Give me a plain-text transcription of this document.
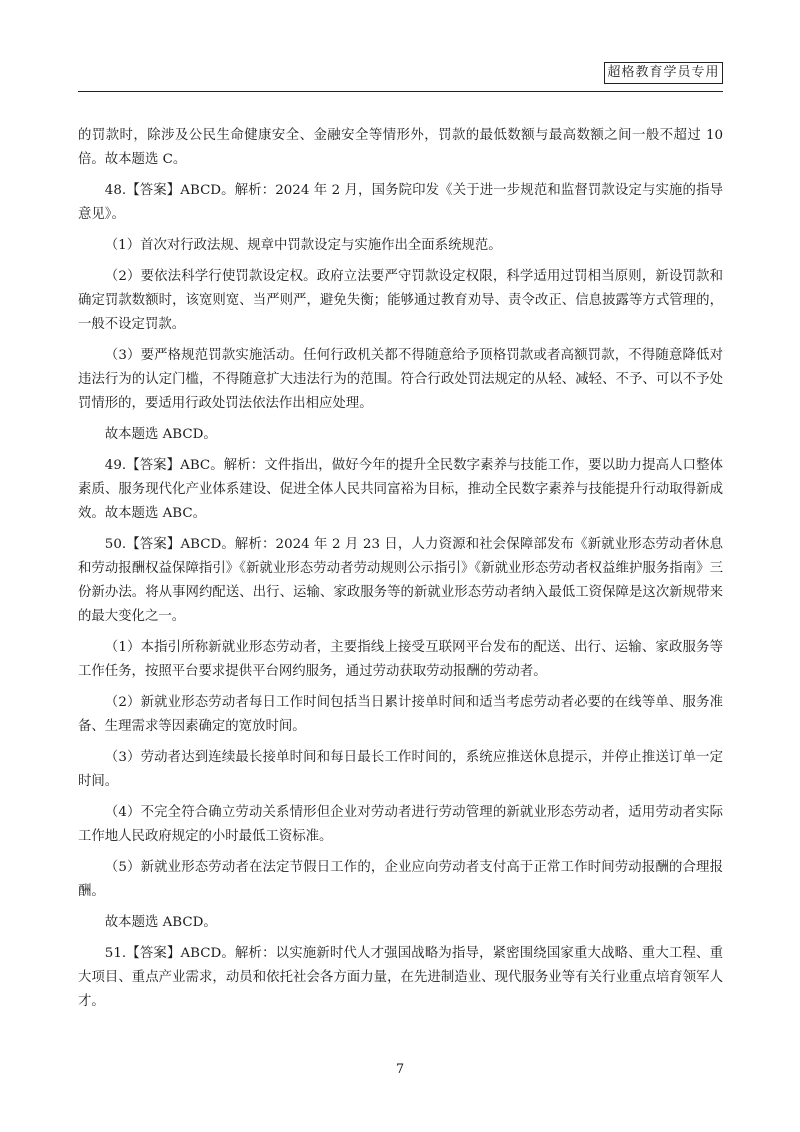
超格教育学员专用

的罚款时，除涉及公民生命健康安全、金融安全等情形外，罚款的最低数额与最高数额之间一般不超过 10 倍。故本题选 C。

48.【答案】ABCD。解析：2024 年 2 月，国务院印发《关于进一步规范和监督罚款设定与实施的指导意见》。

（1）首次对行政法规、规章中罚款设定与实施作出全面系统规范。

（2）要依法科学行使罚款设定权。政府立法要严守罚款设定权限，科学适用过罚相当原则，新设罚款和确定罚款数额时，该宽则宽、当严则严，避免失衡；能够通过教育劝导、责令改正、信息披露等方式管理的，一般不设定罚款。

（3）要严格规范罚款实施活动。任何行政机关都不得随意给予顶格罚款或者高额罚款，不得随意降低对违法行为的认定门槛，不得随意扩大违法行为的范围。符合行政处罚法规定的从轻、减轻、不予、可以不予处罚情形的，要适用行政处罚法依法作出相应处理。

故本题选 ABCD。

49.【答案】ABC。解析：文件指出，做好今年的提升全民数字素养与技能工作，要以助力提高人口整体素质、服务现代化产业体系建设、促进全体人民共同富裕为目标，推动全民数字素养与技能提升行动取得新成效。故本题选 ABC。

50.【答案】ABCD。解析：2024 年 2 月 23 日，人力资源和社会保障部发布《新就业形态劳动者休息和劳动报酬权益保障指引》《新就业形态劳动者劳动规则公示指引》《新就业形态劳动者权益维护服务指南》三份新办法。将从事网约配送、出行、运输、家政服务等的新就业形态劳动者纳入最低工资保障是这次新规带来的最大变化之一。

（1）本指引所称新就业形态劳动者，主要指线上接受互联网平台发布的配送、出行、运输、家政服务等工作任务，按照平台要求提供平台网约服务，通过劳动获取劳动报酬的劳动者。

（2）新就业形态劳动者每日工作时间包括当日累计接单时间和适当考虑劳动者必要的在线等单、服务准备、生理需求等因素确定的宽放时间。

（3）劳动者达到连续最长接单时间和每日最长工作时间的，系统应推送休息提示，并停止推送订单一定时间。

（4）不完全符合确立劳动关系情形但企业对劳动者进行劳动管理的新就业形态劳动者，适用劳动者实际工作地人民政府规定的小时最低工资标准。

（5）新就业形态劳动者在法定节假日工作的，企业应向劳动者支付高于正常工作时间劳动报酬的合理报酬。

故本题选 ABCD。

51.【答案】ABCD。解析：以实施新时代人才强国战略为指导，紧密围绕国家重大战略、重大工程、重大项目、重点产业需求，动员和依托社会各方面力量，在先进制造业、现代服务业等有关行业重点培育领军人才。

7
